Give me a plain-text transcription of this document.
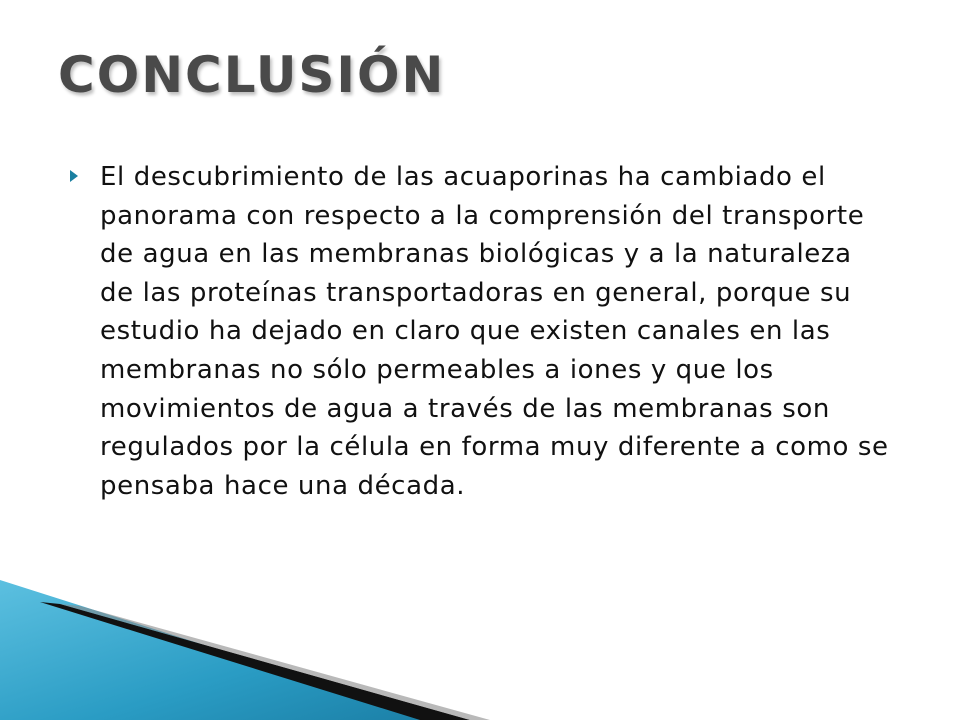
CONCLUSIÓN
El descubrimiento de las acuaporinas ha cambiado el panorama con respecto a la comprensión del transporte de agua en las membranas biológicas y a la naturaleza de las proteínas transportadoras en general, porque su estudio ha dejado en claro que existen canales en las membranas no sólo permeables a iones y que los movimientos de agua a través de las membranas son regulados por la célula en forma muy diferente a como se pensaba hace una década.
